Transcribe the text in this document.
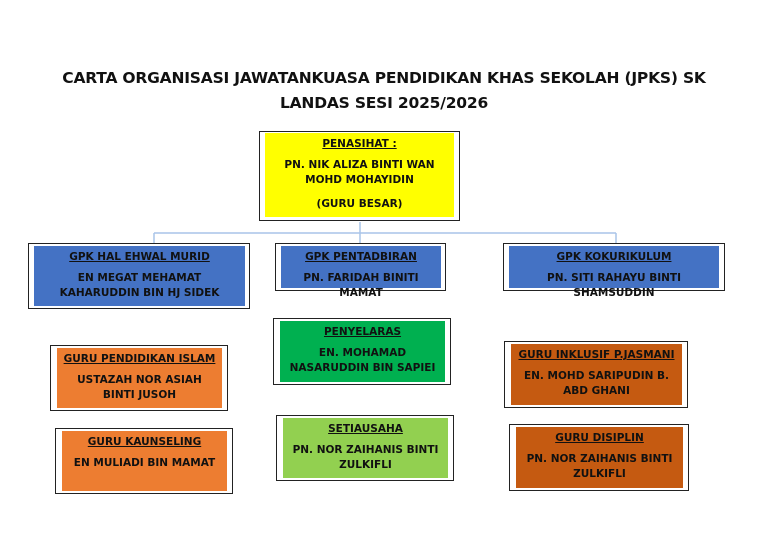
CARTA ORGANISASI JAWATANKUASA PENDIDIKAN KHAS SEKOLAH (JPKS) SK
LANDAS SESI 2025/2026
PENASIHAT :
PN. NIK ALIZA BINTI WAN MOHD MOHAYIDIN
(GURU BESAR)
GPK HAL EHWAL MURID
EN MEGAT MEHAMAT KAHARUDDIN BIN HJ SIDEK
GPK PENTADBIRAN
PN. FARIDAH BINITI MAMAT
GPK KOKURIKULUM
PN. SITI RAHAYU BINTI SHAMSUDDIN
PENYELARAS
EN. MOHAMAD NASARUDDIN BIN SAPIEI
SETIAUSAHA
PN. NOR ZAIHANIS BINTI ZULKIFLI
GURU PENDIDIKAN ISLAM
USTAZAH NOR ASIAH BINTI JUSOH
GURU KAUNSELING
EN MULIADI BIN MAMAT
GURU INKLUSIF P.JASMANI
EN. MOHD SARIPUDIN B. ABD GHANI
GURU DISIPLIN
PN. NOR ZAIHANIS BINTI ZULKIFLI
